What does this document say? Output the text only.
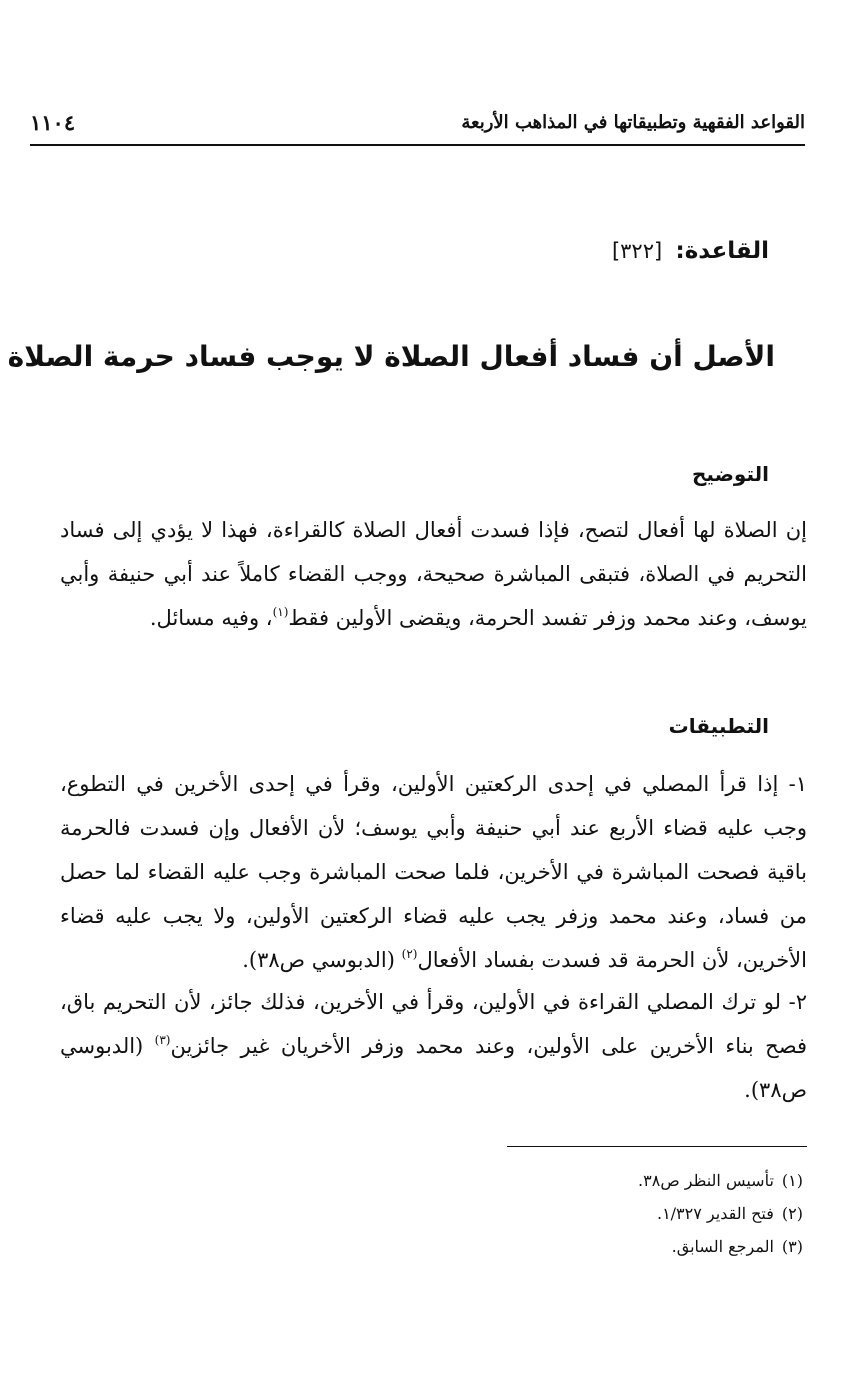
القواعد الفقهية وتطبيقاتها في المذاهب الأربعة
١١٠٤
القاعدة: [٣٢٢]
الأصل أن فساد أفعال الصلاة لا يوجب فساد حرمة الصلاة
التوضيح
إن الصلاة لها أفعال لتصح، فإذا فسدت أفعال الصلاة كالقراءة، فهذا لا يؤدي إلى فساد التحريم في الصلاة، فتبقى المباشرة صحيحة، ووجب القضاء كاملاً عند أبي حنيفة وأبي يوسف، وعند محمد وزفر تفسد الحرمة، ويقضى الأولين فقط$^{(١)}$، وفيه مسائل.
التطبيقات
١- إذا قرأ المصلي في إحدى الركعتين الأولين، وقرأ في إحدى الأخرين في التطوع، وجب عليه قضاء الأربع عند أبي حنيفة وأبي يوسف؛ لأن الأفعال وإن فسدت فالحرمة باقية فصحت المباشرة في الأخرين، فلما صحت المباشرة وجب عليه القضاء لما حصل من فساد، وعند محمد وزفر يجب عليه قضاء الركعتين الأولين، ولا يجب عليه قضاء الأخرين، لأن الحرمة قد فسدت بفساد الأفعال$^{(٢)}$ (الدبوسي ص٣٨).
٢- لو ترك المصلي القراءة في الأولين، وقرأ في الأخرين، فذلك جائز، لأن التحريم باق، فصح بناء الأخرين على الأولين، وعند محمد وزفر الأخريان غير جائزين$^{(٣)}$ (الدبوسي ص٣٨).
(١)تأسيس النظر ص٣٨.
(٢)فتح القدير ١/٣٢٧.
(٣)المرجع السابق.
